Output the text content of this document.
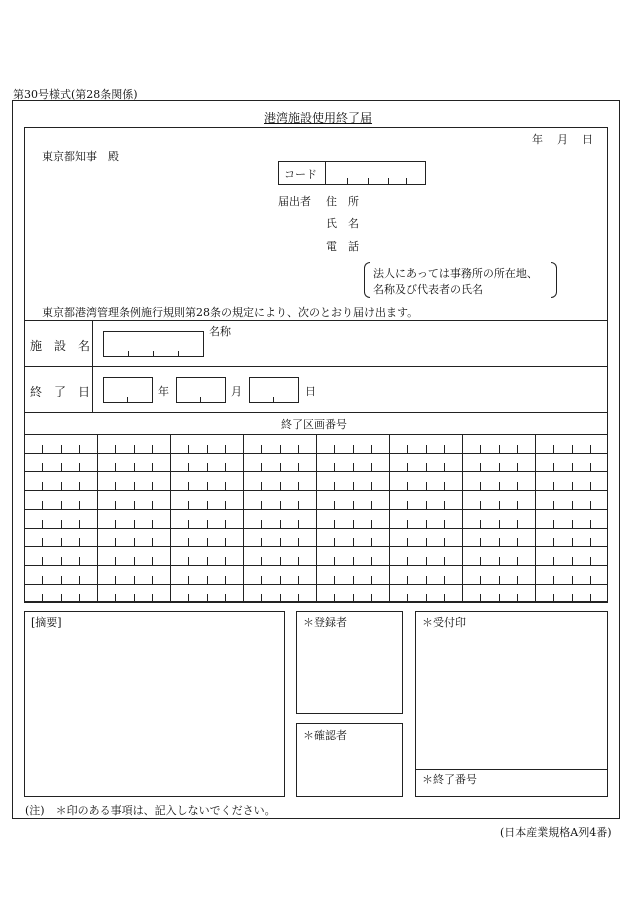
第30号様式(第28条関係)
港湾施設使用終了届
年 月 日
東京都知事　殿
コード
届出者 住　所
氏　名
電　話
法人にあっては事務所の所在地、
名称及び代表者の氏名
東京都港湾管理条例施行規則第28条の規定により、次のとおり届け出ます。
施　設　名
名称
終　了　日	年	月	日
終了区画番号
[摘要]	＊登録者
＊確認者
＊受付印
＊終了番号
(注)　＊印のある事項は、記入しないでください。
(日本産業規格A列4番)
